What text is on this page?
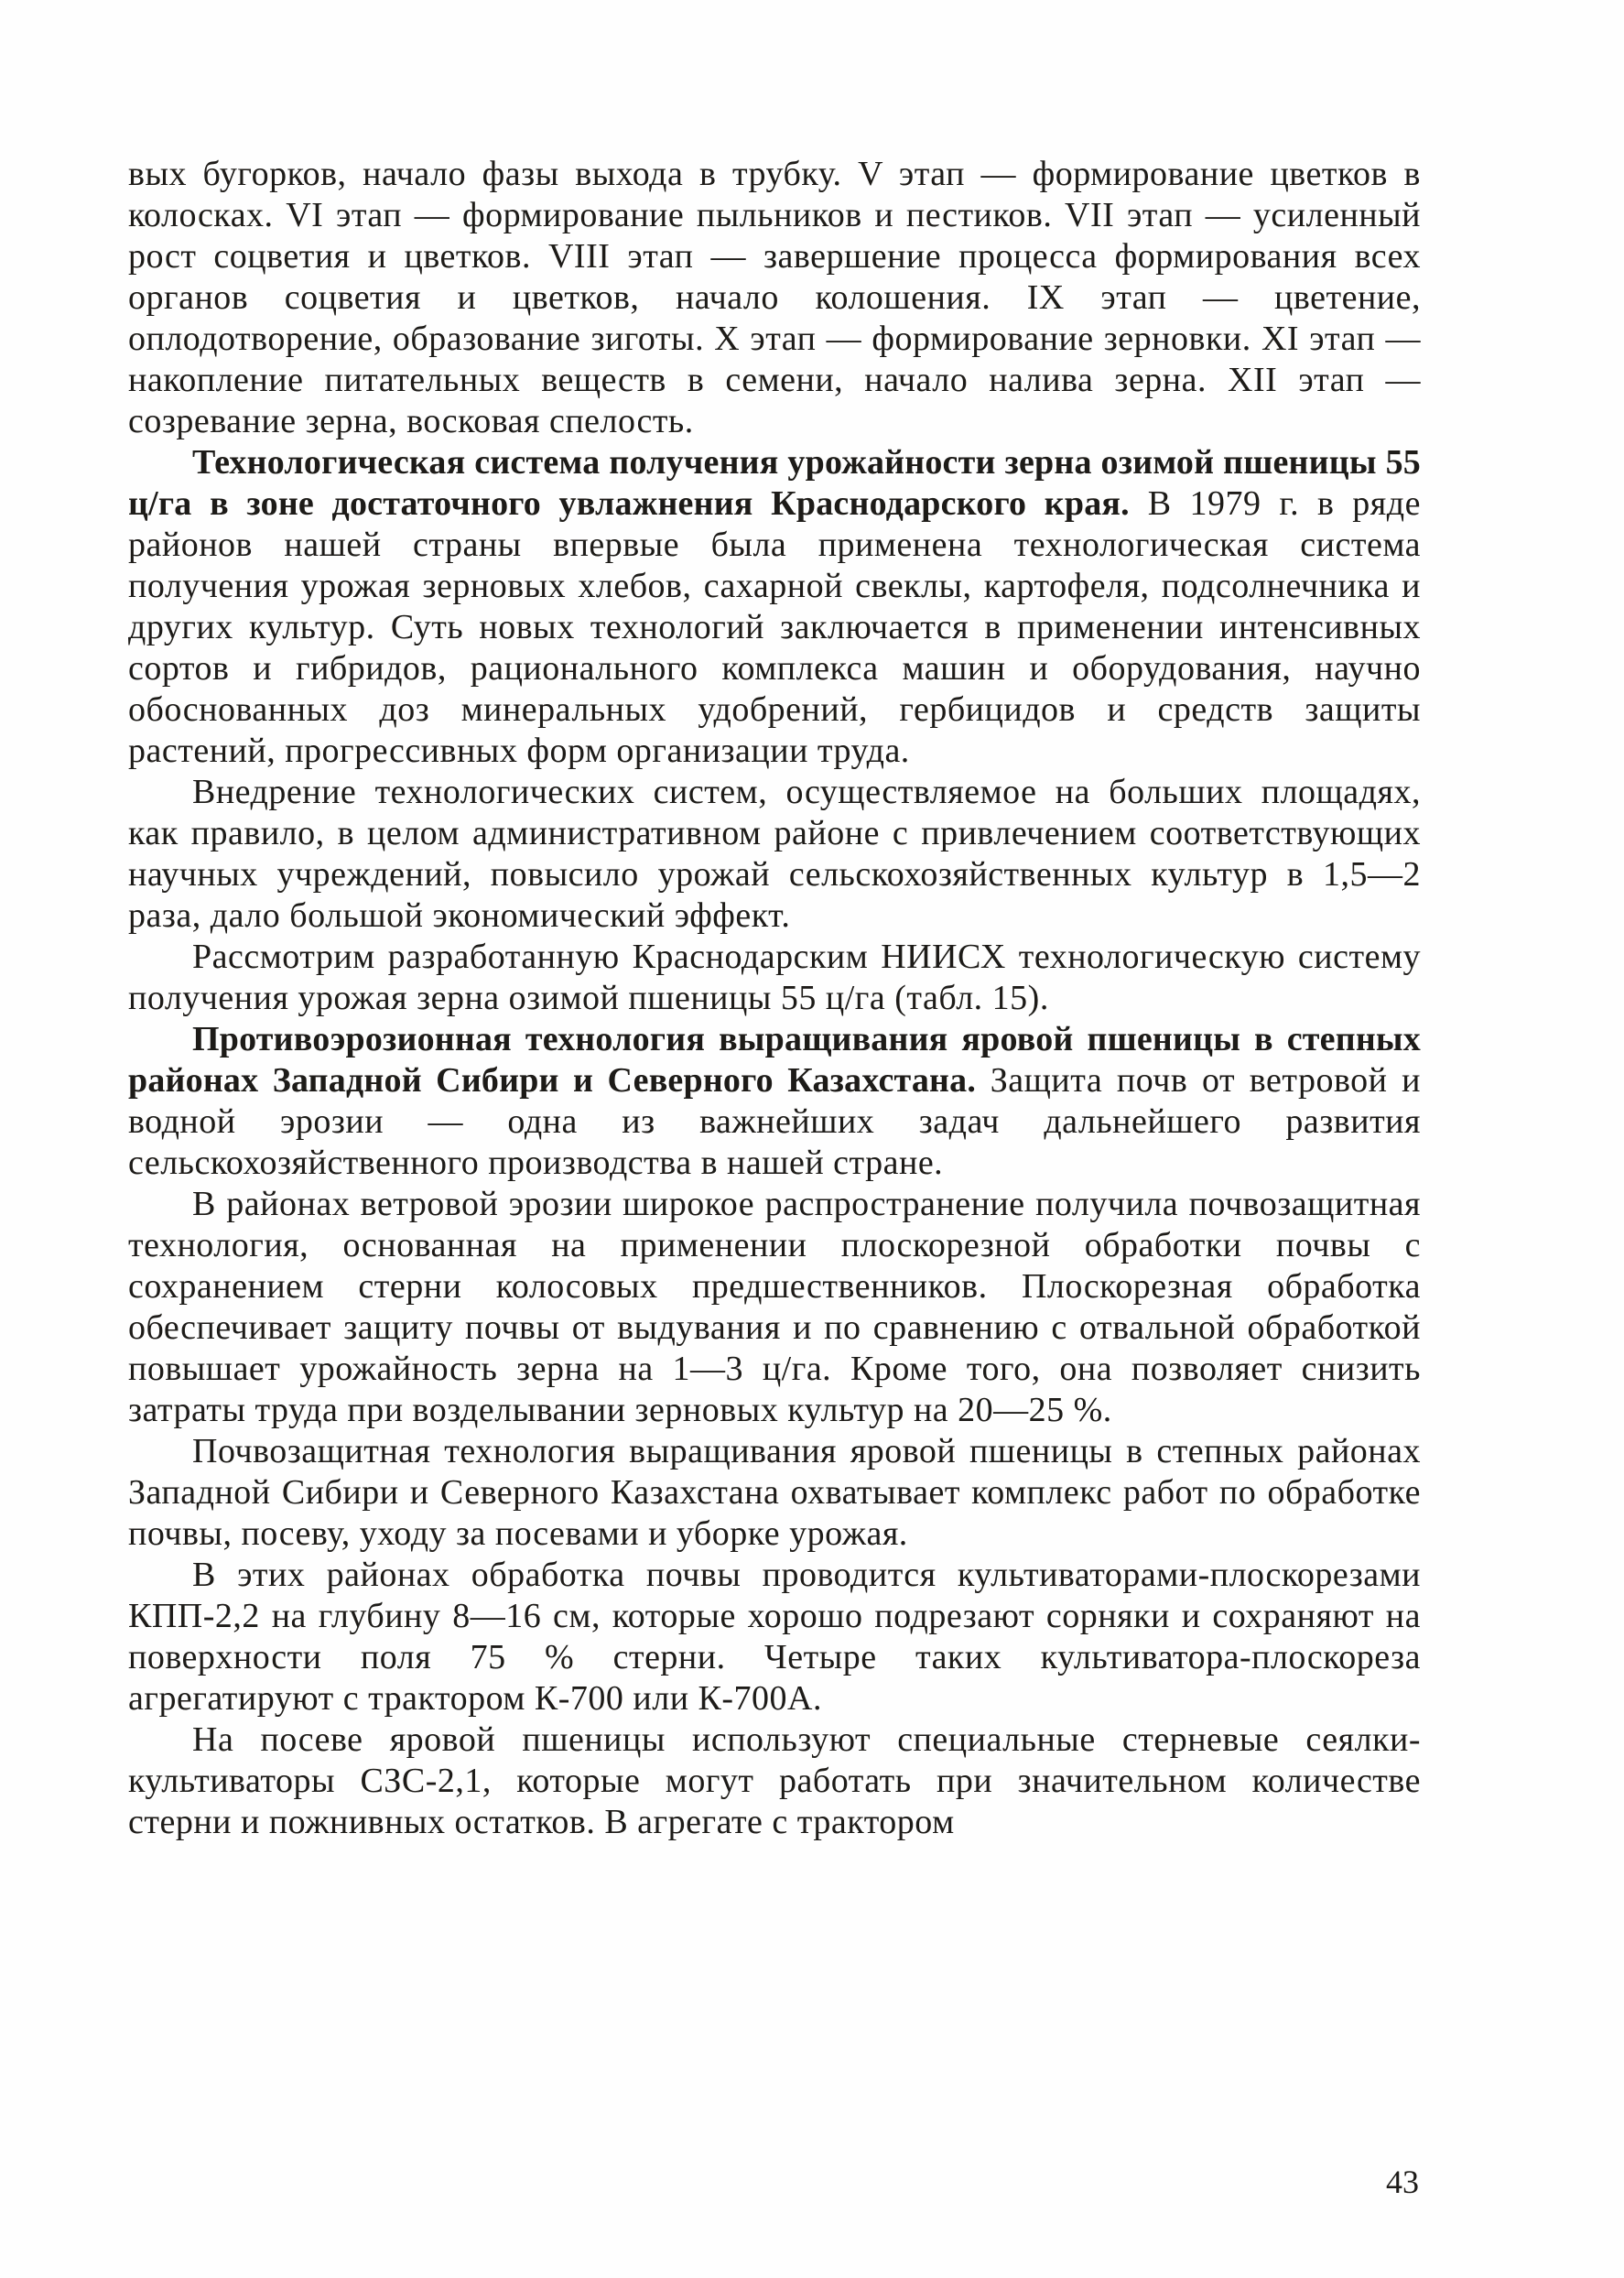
вых бугорков, начало фазы выхода в трубку. V этап — формирование цветков в колосках. VI этап — формирование пыльников и пестиков. VII этап — усиленный рост соцветия и цветков. VIII этап — завершение процесса формирования всех органов соцветия и цветков, начало колошения. IX этап — цветение, оплодотворение, образование зиготы. X этап — формирование зерновки. XI этап — накопление питательных веществ в семени, начало налива зерна. XII этап — созревание зерна, восковая спелость.

Технологическая система получения урожайности зерна озимой пшеницы 55 ц/га в зоне достаточного увлажнения Краснодарского края. В 1979 г. в ряде районов нашей страны впервые была применена технологическая система получения урожая зерновых хлебов, сахарной свеклы, картофеля, подсолнечника и других культур. Суть новых технологий заключается в применении интенсивных сортов и гибридов, рационального комплекса машин и оборудования, научно обоснованных доз минеральных удобрений, гербицидов и средств защиты растений, прогрессивных форм организации труда.

Внедрение технологических систем, осуществляемое на больших площадях, как правило, в целом административном районе с привлечением соответствующих научных учреждений, повысило урожай сельскохозяйственных культур в 1,5—2 раза, дало большой экономический эффект.

Рассмотрим разработанную Краснодарским НИИСХ технологическую систему получения урожая зерна озимой пшеницы 55 ц/га (табл. 15).

Противоэрозионная технология выращивания яровой пшеницы в степных районах Западной Сибири и Северного Казахстана. Защита почв от ветровой и водной эрозии — одна из важнейших задач дальнейшего развития сельскохозяйственного производства в нашей стране.

В районах ветровой эрозии широкое распространение получила почвозащитная технология, основанная на применении плоскорезной обработки почвы с сохранением стерни колосовых предшественников. Плоскорезная обработка обеспечивает защиту почвы от выдувания и по сравнению с отвальной обработкой повышает урожайность зерна на 1—3 ц/га. Кроме того, она позволяет снизить затраты труда при возделывании зерновых культур на 20—25 %.

Почвозащитная технология выращивания яровой пшеницы в степных районах Западной Сибири и Северного Казахстана охватывает комплекс работ по обработке почвы, посеву, уходу за посевами и уборке урожая.

В этих районах обработка почвы проводится культиваторами-плоскорезами КПП-2,2 на глубину 8—16 см, которые хорошо подрезают сорняки и сохраняют на поверхности поля 75 % стерни. Четыре таких культиватора-плоскореза агрегатируют с трактором К-700 или К-700А.

На посеве яровой пшеницы используют специальные стерневые сеялки-культиваторы СЗС-2,1, которые могут работать при значительном количестве стерни и пожнивных остатков. В агрегате с трактором

43
